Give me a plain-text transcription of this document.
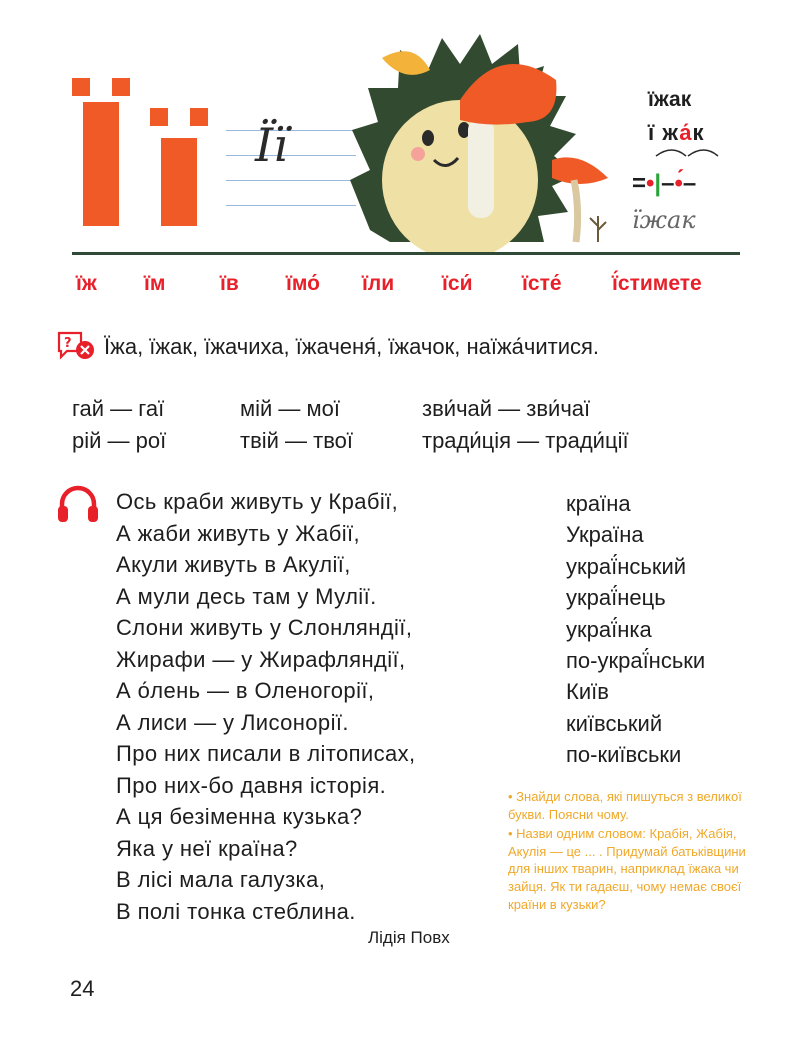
Її
їжак
ї жа́к
=•|–•́–
їжак
їж їм	їв їмо́ їли їси́ їсте́ ї́стимете
? Їжа, їжак, їжачиха, їжаченя́, їжачок, наїжа́читися.
гай — гаї
рій — рої
мій — мої
твій — твої
зви́чай — зви́чаї
тради́ція — тради́ції
Ось краби живуть у Крабії,
А жаби живуть у Жабії,
Акули живуть в Акулії,
А мули десь там у Мулії.
Слони живуть у Слонляндії,
Жирафи — у Жирафляндії,
А о́лень — в Оленогорії,
А лиси — у Лисонорії.
Про них писали в літописах,
Про них-бо давня історія.
А ця безіменна кузька?
Яка у неї країна?
В лісі мала галузка,
В полі тонка стеблина.
Лідія Повх
країна
Україна
украї́нський
украї́нець
украї́нка
по-украї́нськи
Київ
київський
по-київськи

• Знайди слова, які пишуться з великої букви. Поясни чому.

• Назви одним словом: Крабія, Жабія, Акулія — це ... . Придумай батьківщини для інших тварин, наприклад їжака чи зайця. Як ти гадаєш, чому немає своєї країни в кузьки?

24
